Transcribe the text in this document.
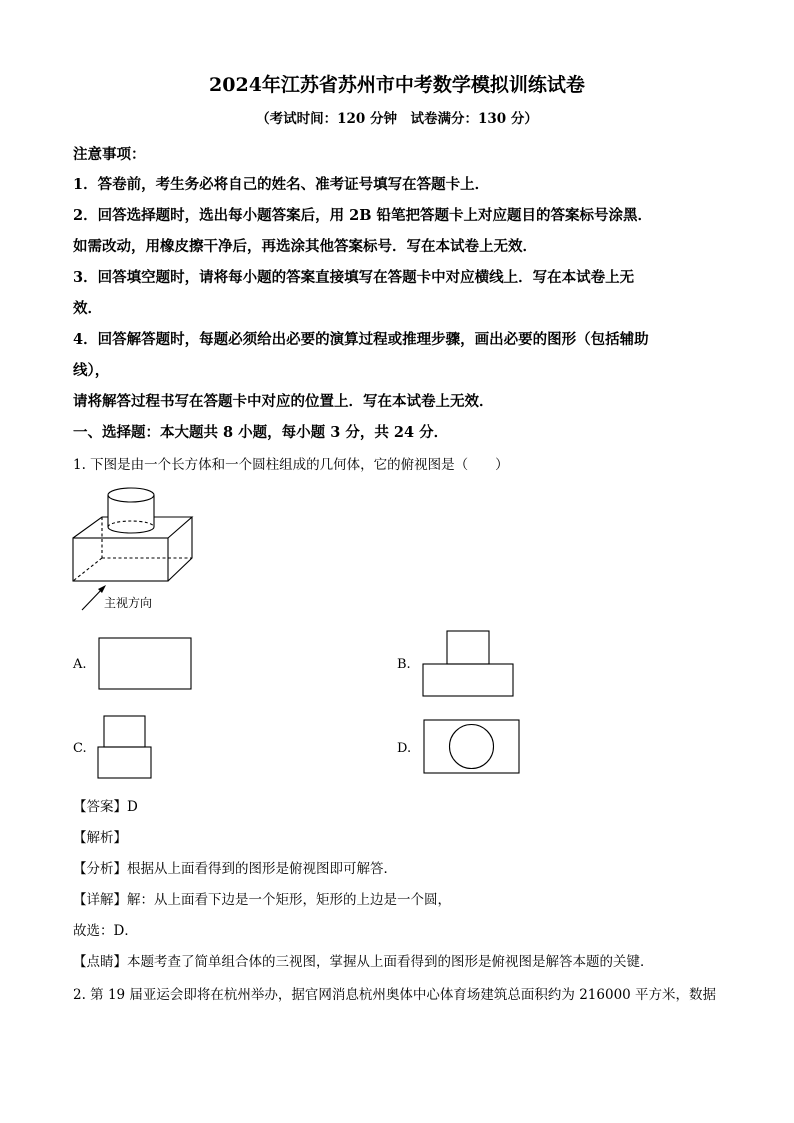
2024年江苏省苏州市中考数学模拟训练试卷
（考试时间：120 分钟　试卷满分：130 分）
注意事项：
1．答卷前，考生务必将自己的姓名、准考证号填写在答题卡上．
2．回答选择题时，选出每小题答案后，用 2B 铅笔把答题卡上对应题目的答案标号涂黑．
如需改动，用橡皮擦干净后，再选涂其他答案标号．写在本试卷上无效．
3．回答填空题时，请将每小题的答案直接填写在答题卡中对应横线上．写在本试卷上无
效．
4．回答解答题时，每题必须给出必要的演算过程或推理步骤，画出必要的图形（包括辅助
线），
请将解答过程书写在答题卡中对应的位置上．写在本试卷上无效．
一、选择题：本大题共 8 小题，每小题 3 分，共 24 分．
1. 下图是由一个长方体和一个圆柱组成的几何体，它的俯视图是（　　）
主视方向
A.	B.
C.	D.
【答案】D
【解析】
【分析】根据从上面看得到的图形是俯视图即可解答．
【详解】解：从上面看下边是一个矩形，矩形的上边是一个圆，
故选：D．
【点睛】本题考查了简单组合体的三视图，掌握从上面看得到的图形是俯视图是解答本题的关键．
2. 第 19 届亚运会即将在杭州举办，据官网消息杭州奥体中心体育场建筑总面积约为 216000 平方米，数据
